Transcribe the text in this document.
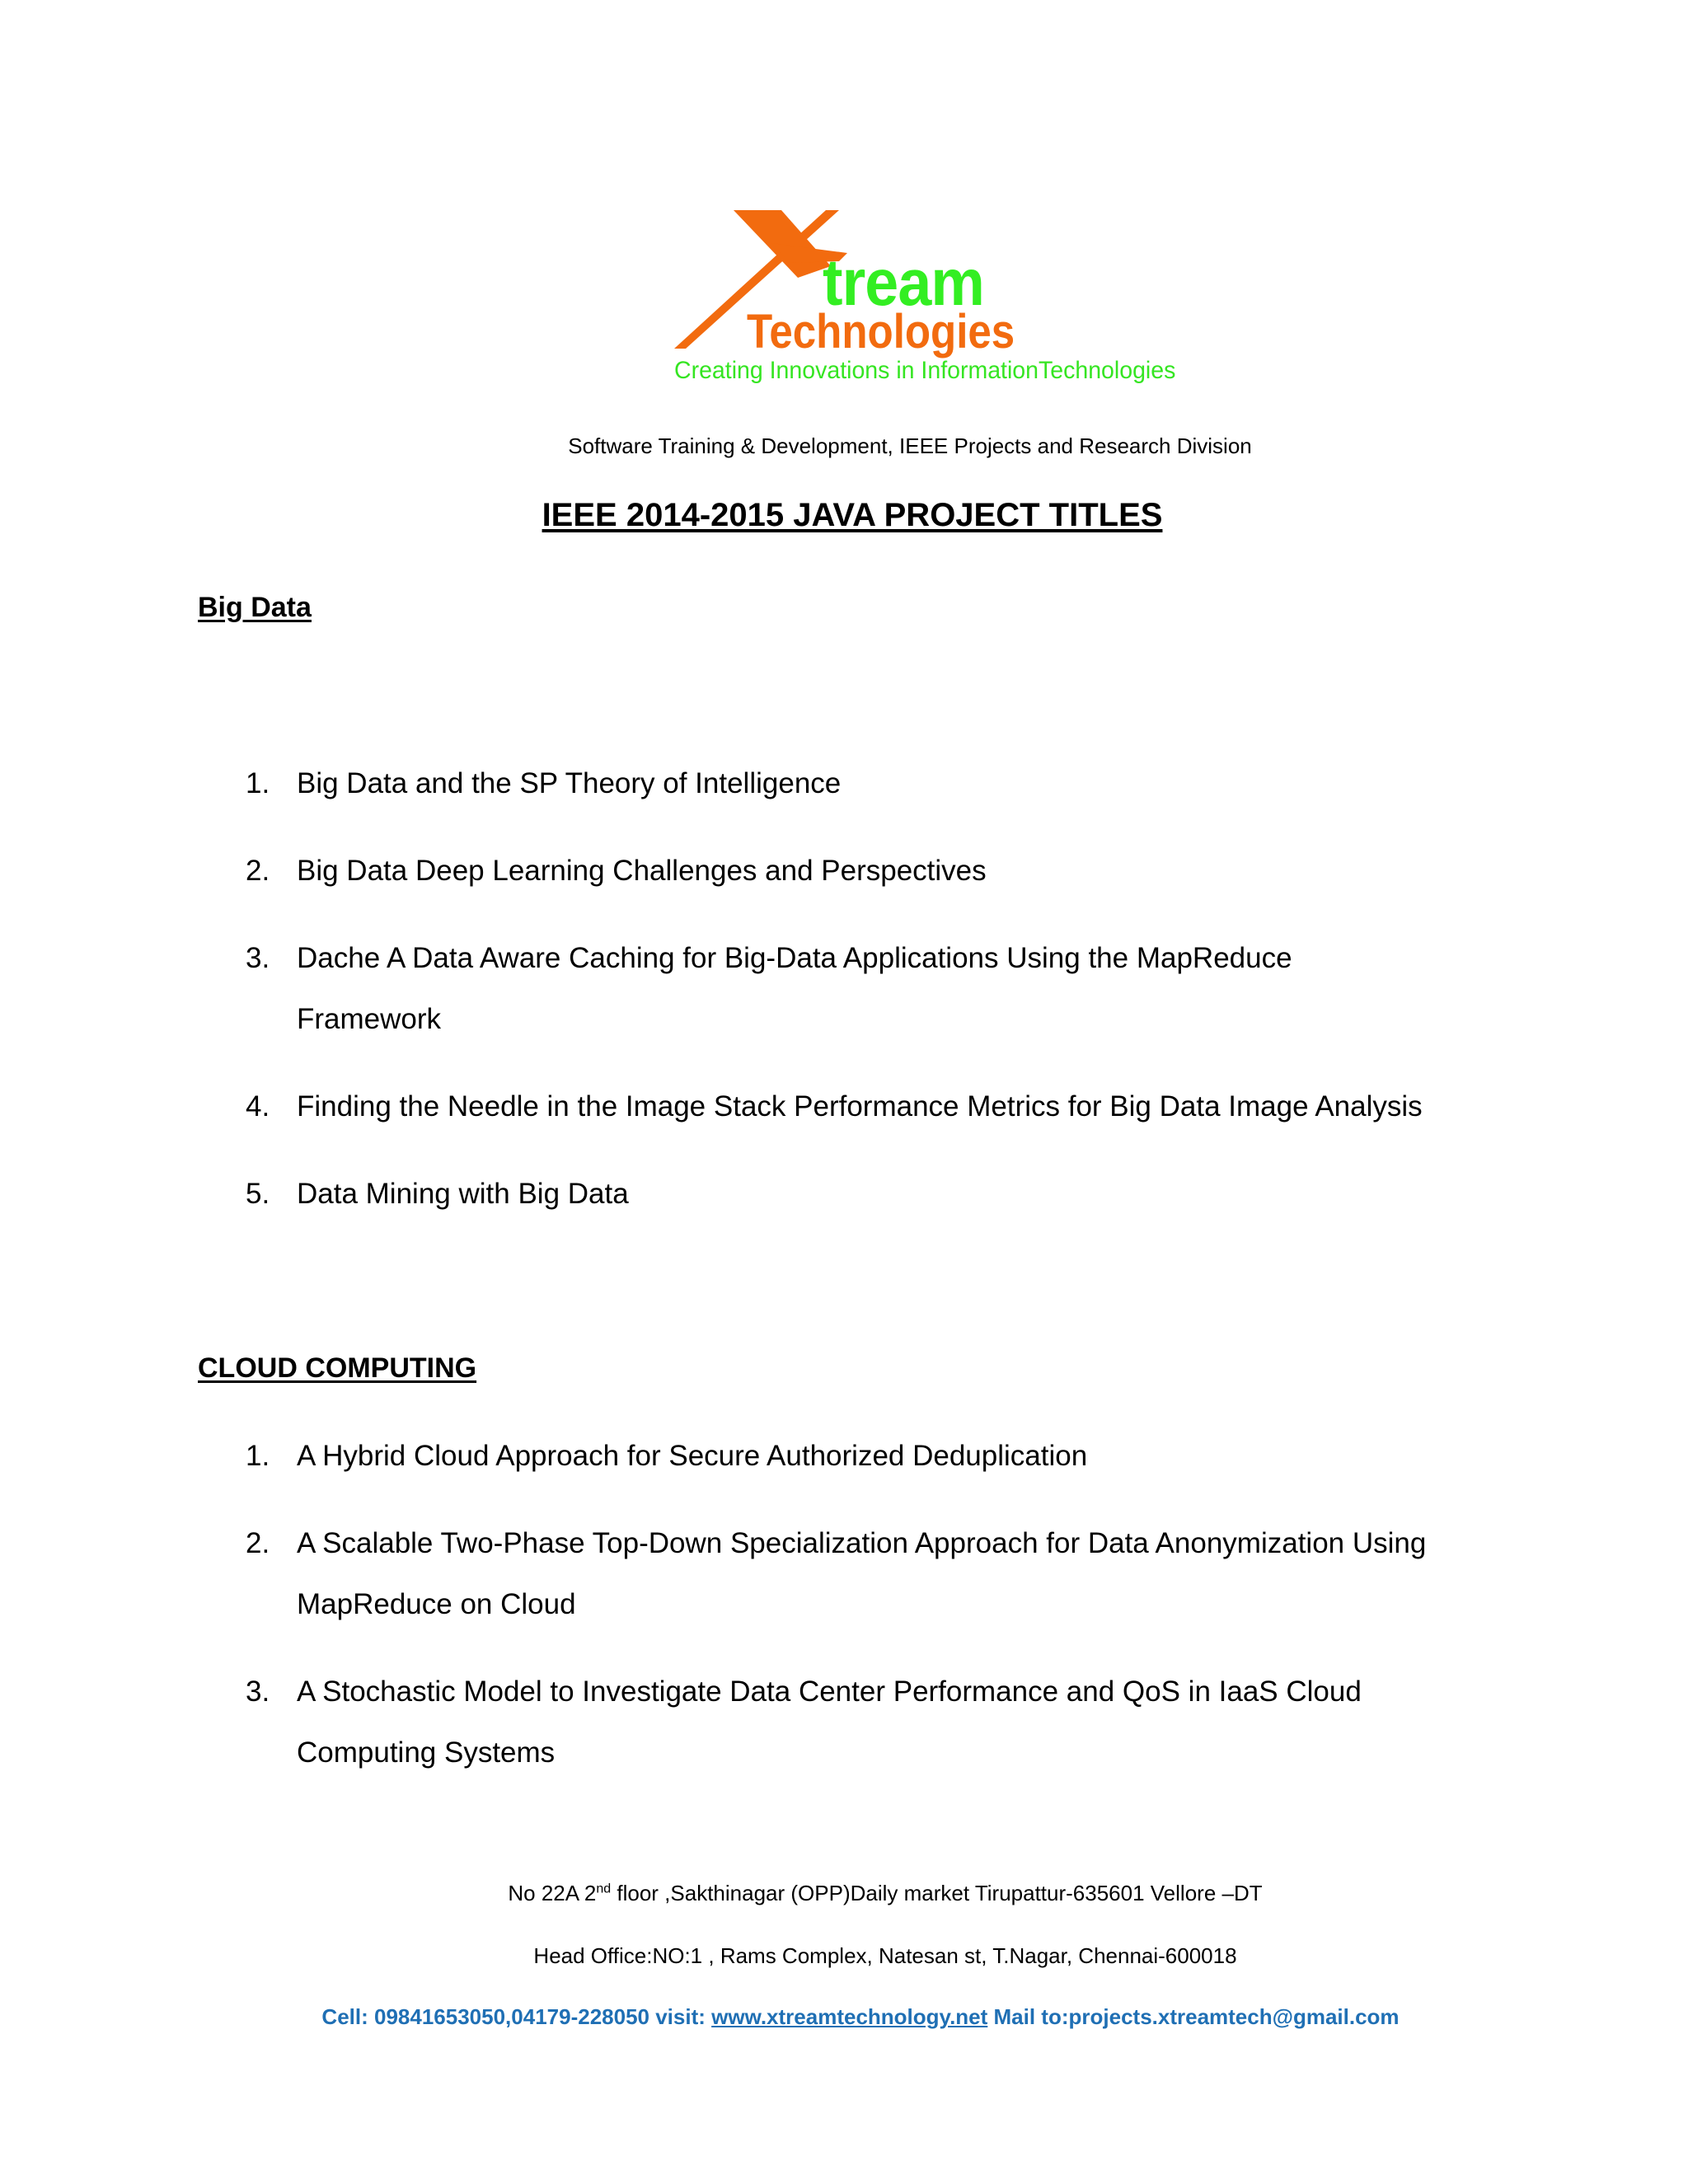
tream
Technologies
Creating Innovations in InformationTechnologies
Software Training & Development, IEEE Projects and Research Division
IEEE 2014-2015 JAVA PROJECT TITLES
Big Data
1. Big Data and the SP Theory of Intelligence
2. Big Data Deep Learning Challenges and Perspectives
3. Dache A Data Aware Caching for Big-Data Applications Using the MapReduce Framework
4. Finding the Needle in the Image Stack Performance Metrics for Big Data Image Analysis
5. Data Mining with Big Data
CLOUD COMPUTING
1. A Hybrid Cloud Approach for Secure Authorized Deduplication
2. A Scalable Two-Phase Top-Down Specialization Approach for Data Anonymization Using MapReduce on Cloud
3. A Stochastic Model to Investigate Data Center Performance and QoS in IaaS Cloud Computing Systems
No 22A 2nd floor ,Sakthinagar (OPP)Daily market Tirupattur-635601 Vellore –DT
Head Office:NO:1 , Rams Complex, Natesan st, T.Nagar, Chennai-600018
Cell: 09841653050,04179-228050 visit: www.xtreamtechnology.net Mail to:projects.xtreamtech@gmail.com
